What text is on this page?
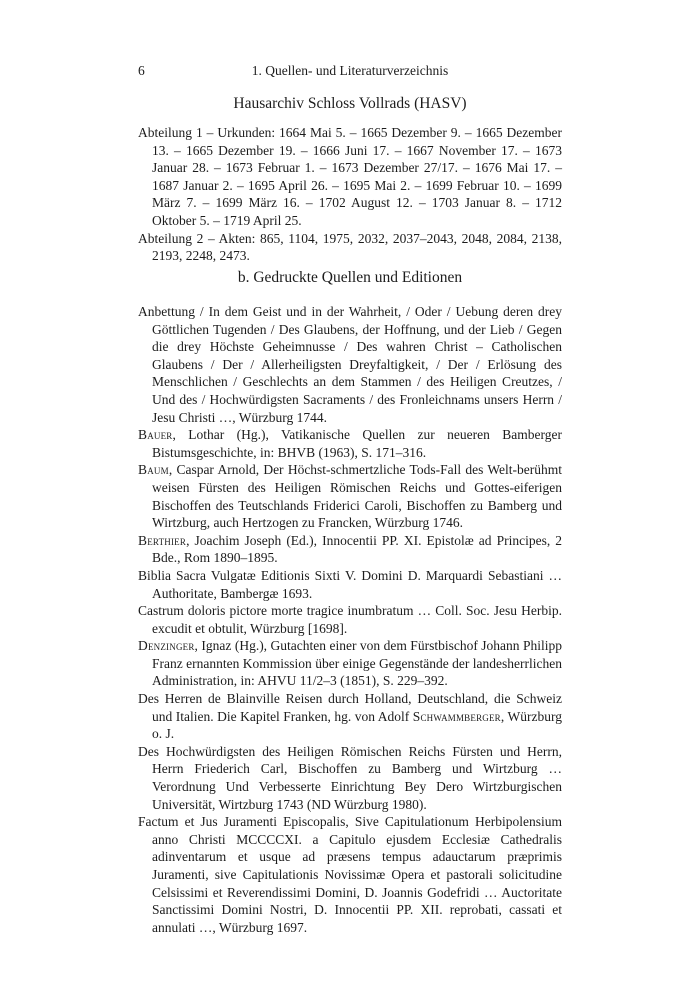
6	1. Quellen- und Literaturverzeichnis
Hausarchiv Schloss Vollrads (HASV)

Abteilung 1 – Urkunden: 1664 Mai 5. – 1665 Dezember 9. – 1665 Dezember 13. – 1665 Dezember 19. – 1666 Juni 17. – 1667 November 17. – 1673 Januar 28. – 1673 Februar 1. – 1673 Dezember 27/17. – 1676 Mai 17. – 1687 Januar 2. – 1695 April 26. – 1695 Mai 2. – 1699 Februar 10. – 1699 März 7. – 1699 März 16. – 1702 August 12. – 1703 Januar 8. – 1712 Oktober 5. – 1719 April 25.

Abteilung 2 – Akten: 865, 1104, 1975, 2032, 2037–2043, 2048, 2084, 2138, 2193, 2248, 2473.

b. Gedruckte Quellen und Editionen

Anbettung / In dem Geist und in der Wahrheit, / Oder / Uebung deren drey Göttlichen Tugenden / Des Glaubens, der Hoffnung, und der Lieb / Gegen die drey Höchste Geheimnusse / Des wahren Christ – Catholischen Glaubens / Der / Allerheiligsten Dreyfaltigkeit, / Der / Erlösung des Menschlichen / Geschlechts an dem Stammen / des Heiligen Creutzes, / Und des / Hochwürdigsten Sacraments / des Fronleichnams unsers Herrn / Jesu Christi …, Würzburg 1744.

Bauer, Lothar (Hg.), Vatikanische Quellen zur neueren Bamberger Bistumsgeschichte, in: BHVB (1963), S. 171–316.

Baum, Caspar Arnold, Der Höchst-schmertzliche Tods-Fall des Welt-berühmt weisen Fürsten des Heiligen Römischen Reichs und Gottes-eiferigen Bischoffen des Teutschlands Friderici Caroli, Bischoffen zu Bamberg und Wirtzburg, auch Hertzogen zu Francken, Würzburg 1746.

Berthier, Joachim Joseph (Ed.), Innocentii PP. XI. Epistolæ ad Principes, 2 Bde., Rom 1890–1895.

Biblia Sacra Vulgatæ Editionis Sixti V. Domini D. Marquardi Sebastiani … Authoritate, Bambergæ 1693.

Castrum doloris pictore morte tragice inumbratum … Coll. Soc. Jesu Herbip. excudit et obtulit, Würzburg [1698].

Denzinger, Ignaz (Hg.), Gutachten einer von dem Fürstbischof Johann Philipp Franz ernannten Kommission über einige Gegenstände der landesherrlichen Administration, in: AHVU 11/2–3 (1851), S. 229–392.

Des Herren de Blainville Reisen durch Holland, Deutschland, die Schweiz und Italien. Die Kapitel Franken, hg. von Adolf Schwammberger, Würzburg o. J.

Des Hochwürdigsten des Heiligen Römischen Reichs Fürsten und Herrn, Herrn Friederich Carl, Bischoffen zu Bamberg und Wirtzburg … Verordnung Und Verbesserte Einrichtung Bey Dero Wirtzburgischen Universität, Wirtzburg 1743 (ND Würzburg 1980).

Factum et Jus Juramenti Episcopalis, Sive Capitulationum Herbipolensium anno Christi MCCCCXI. a Capitulo ejusdem Ecclesiæ Cathedralis adinventarum et usque ad præsens tempus adauctarum præprimis Juramenti, sive Capitulationis Novissimæ Opera et pastorali solicitudine Celsissimi et Reverendissimi Domini, D. Joannis Godefridi … Auctoritate Sanctissimi Domini Nostri, D. Innocentii PP. XII. reprobati, cassati et annulati …, Würzburg 1697.
